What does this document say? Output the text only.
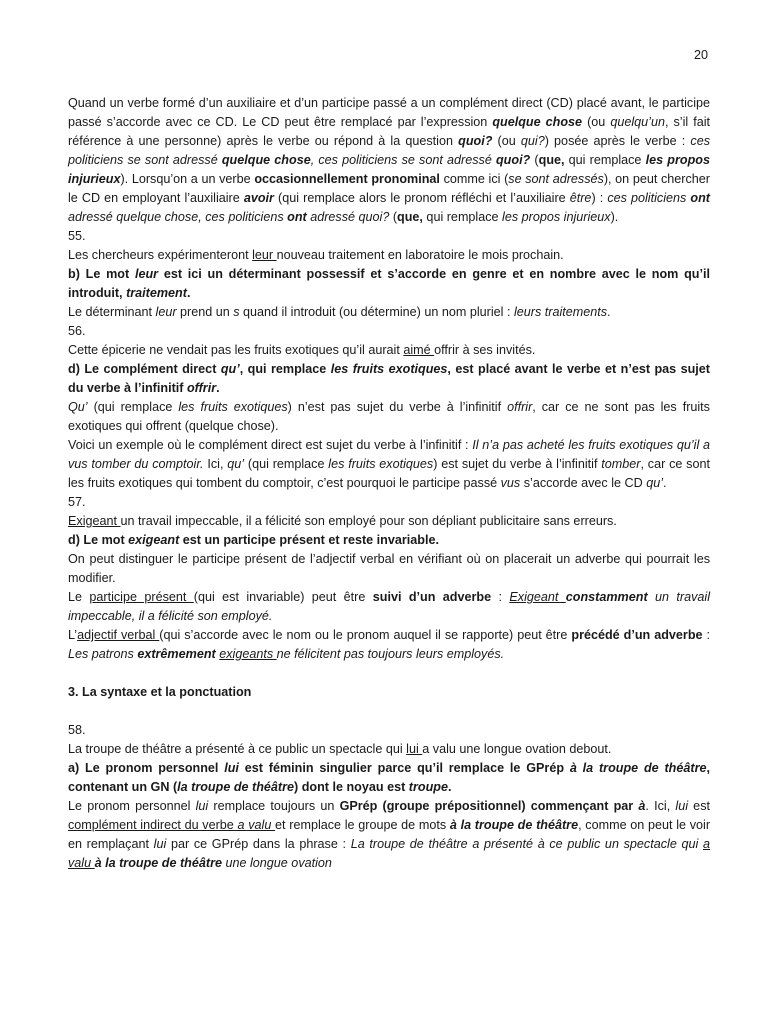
20

Quand un verbe formé d’un auxiliaire et d’un participe passé a un complément direct (CD) placé avant, le participe passé s’accorde avec ce CD. Le CD peut être remplacé par l’expression quelque chose (ou quelqu’un, s’il fait référence à une personne) après le verbe ou répond à la question quoi? (ou qui?) posée après le verbe : ces politiciens se sont adressé quelque chose, ces politiciens se sont adressé quoi? (que, qui remplace les propos injurieux). Lorsqu’on a un verbe occasionnellement pronominal comme ici (se sont adressés), on peut chercher le CD en employant l’auxiliaire avoir (qui remplace alors le pronom réfléchi et l’auxiliaire être) : ces politiciens ont adressé quelque chose, ces politiciens ont adressé quoi? (que, qui remplace les propos injurieux).

55.

Les chercheurs expérimenteront leur nouveau traitement en laboratoire le mois prochain.

b) Le mot leur est ici un déterminant possessif et s’accorde en genre et en nombre avec le nom qu’il introduit, traitement.

Le déterminant leur prend un s quand il introduit (ou détermine) un nom pluriel : leurs traitements.

56.

Cette épicerie ne vendait pas les fruits exotiques qu’il aurait aimé offrir à ses invités.

d) Le complément direct qu’, qui remplace les fruits exotiques, est placé avant le verbe et n’est pas sujet du verbe à l’infinitif offrir.

Qu’ (qui remplace les fruits exotiques) n’est pas sujet du verbe à l’infinitif offrir, car ce ne sont pas les fruits exotiques qui offrent (quelque chose).

Voici un exemple où le complément direct est sujet du verbe à l’infinitif : Il n’a pas acheté les fruits exotiques qu’il a vus tomber du comptoir. Ici, qu’ (qui remplace les fruits exotiques) est sujet du verbe à l’infinitif tomber, car ce sont les fruits exotiques qui tombent du comptoir, c’est pourquoi le participe passé vus s’accorde avec le CD qu’.

57.

Exigeant un travail impeccable, il a félicité son employé pour son dépliant publicitaire sans erreurs.

d) Le mot exigeant est un participe présent et reste invariable.

On peut distinguer le participe présent de l’adjectif verbal en vérifiant où on placerait un adverbe qui pourrait les modifier.

Le participe présent (qui est invariable) peut être suivi d’un adverbe : Exigeant constamment un travail impeccable, il a félicité son employé.

L’adjectif verbal (qui s’accorde avec le nom ou le pronom auquel il se rapporte) peut être précédé d’un adverbe : Les patrons extrêmement exigeants ne félicitent pas toujours leurs employés.

3. La syntaxe et la ponctuation

58.

La troupe de théâtre a présenté à ce public un spectacle qui lui a valu une longue ovation debout.

a) Le pronom personnel lui est féminin singulier parce qu’il remplace le GPrép à la troupe de théâtre, contenant un GN (la troupe de théâtre) dont le noyau est troupe.

Le pronom personnel lui remplace toujours un GPrép (groupe prépositionnel) commençant par à. Ici, lui est complément indirect du verbe a valu et remplace le groupe de mots à la troupe de théâtre, comme on peut le voir en remplaçant lui par ce GPrép dans la phrase : La troupe de théâtre a présenté à ce public un spectacle qui a valu à la troupe de théâtre une longue ovation
